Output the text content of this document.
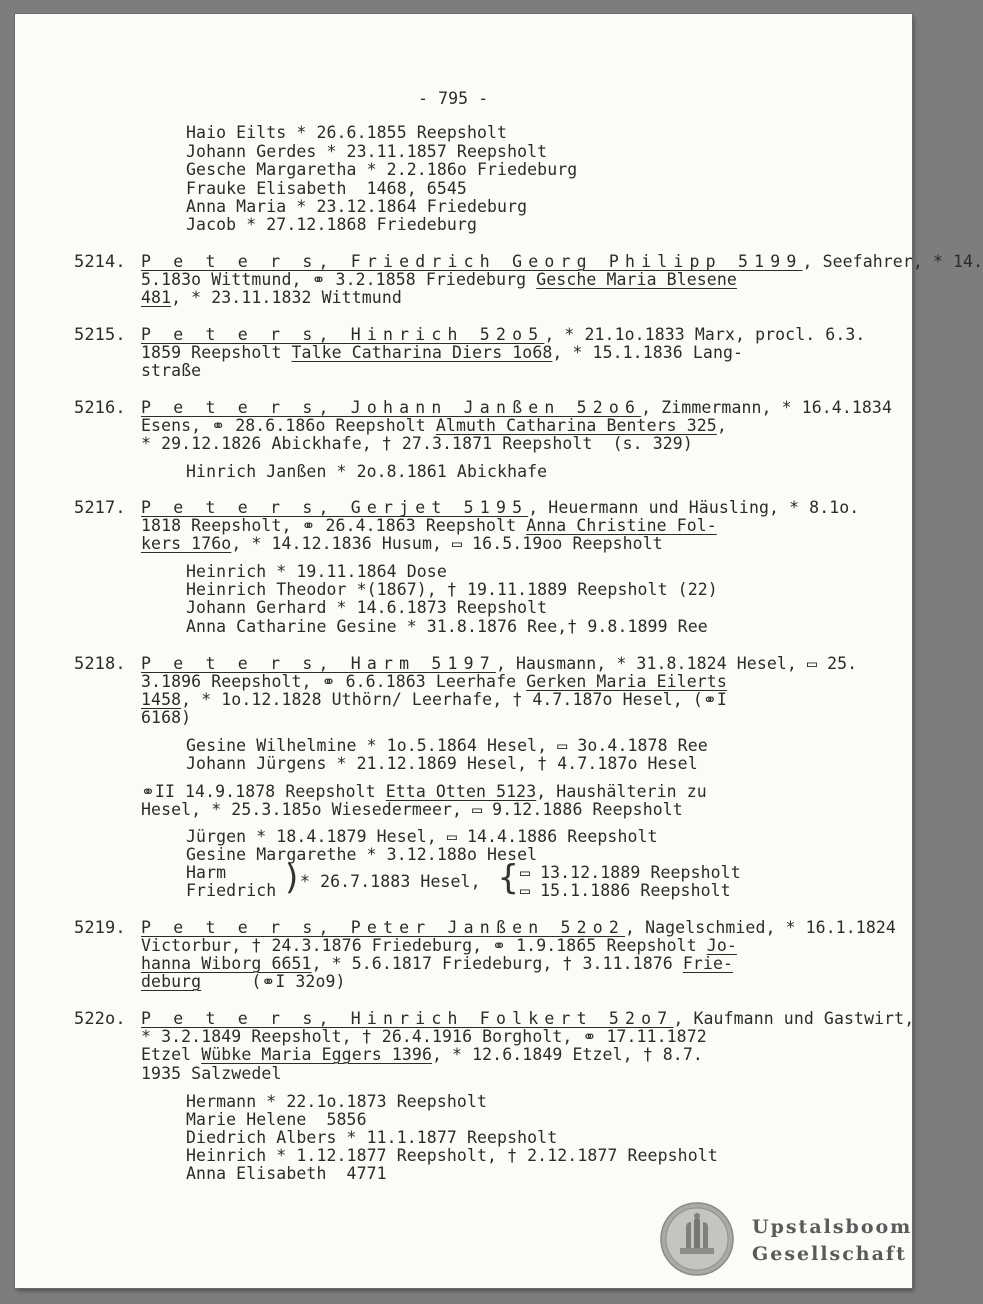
- 795 -
Haio Eilts * 26.6.1855 Reepsholt
Johann Gerdes * 23.11.1857 Reepsholt
Gesche Margaretha * 2.2.186o Friedeburg
Frauke Elisabeth  1468, 6545
Anna Maria * 23.12.1864 Friedeburg
Jacob * 27.12.1868 Friedeburg
5214. P e t e r s, Friedrich Georg Philipp 5199, Seefahrer, * 14.
5.183o Wittmund, ⚭ 3.2.1858 Friedeburg Gesche Maria Blesene
481, * 23.11.1832 Wittmund
5215. P e t e r s, Hinrich 52o5, * 21.1o.1833 Marx, procl. 6.3.
1859 Reepsholt Talke Catharina Diers 1o68, * 15.1.1836 Lang-
straße
5216. P e t e r s, Johann Janßen 52o6, Zimmermann, * 16.4.1834
Esens, ⚭ 28.6.186o Reepsholt Almuth Catharina Benters 325,
* 29.12.1826 Abickhafe, † 27.3.1871 Reepsholt  (s. 329)
Hinrich Janßen * 2o.8.1861 Abickhafe
5217. P e t e r s, Gerjet 5195, Heuermann und Häusling, * 8.1o.
1818 Reepsholt, ⚭ 26.4.1863 Reepsholt Anna Christine Fol-
kers 176o, * 14.12.1836 Husum, ▭ 16.5.19oo Reepsholt
Heinrich * 19.11.1864 Dose
Heinrich Theodor *(1867), † 19.11.1889 Reepsholt (22)
Johann Gerhard * 14.6.1873 Reepsholt
Anna Catharine Gesine * 31.8.1876 Ree,† 9.8.1899 Ree
5218. P e t e r s, Harm 5197, Hausmann, * 31.8.1824 Hesel, ▭ 25.
3.1896 Reepsholt, ⚭ 6.6.1863 Leerhafe Gerken Maria Eilerts
1458, * 1o.12.1828 Uthörn/ Leerhafe, † 4.7.187o Hesel, (⚭I
6168)
Gesine Wilhelmine * 1o.5.1864 Hesel, ▭ 3o.4.1878 Ree
Johann Jürgens * 21.12.1869 Hesel, † 4.7.187o Hesel
⚭II 14.9.1878 Reepsholt Etta Otten 5123, Haushälterin zu
Hesel, * 25.3.185o Wiesedermeer, ▭ 9.12.1886 Reepsholt
Jürgen * 18.4.1879 Hesel, ▭ 14.4.1886 Reepsholt
Gesine Margarethe * 3.12.188o Hesel
Harm
Friedrich )
* 26.7.1883 Hesel, { ▭ 13.12.1889 Reepsholt
▭ 15.1.1886 Reepsholt
5219. P e t e r s, Peter Janßen 52o2, Nagelschmied, * 16.1.1824
Victorbur, † 24.3.1876 Friedeburg, ⚭ 1.9.1865 Reepsholt Jo-
hanna Wiborg 6651, * 5.6.1817 Friedeburg, † 3.11.1876 Frie-
deburg     (⚭I 32o9)
522o. P e t e r s, Hinrich Folkert 52o7, Kaufmann und Gastwirt,
* 3.2.1849 Reepsholt, † 26.4.1916 Borgholt, ⚭ 17.11.1872
Etzel Wübke Maria Eggers 1396, * 12.6.1849 Etzel, † 8.7.
1935 Salzwedel
Hermann * 22.1o.1873 Reepsholt
Marie Helene  5856
Diedrich Albers * 11.1.1877 Reepsholt
Heinrich * 1.12.1877 Reepsholt, † 2.12.1877 Reepsholt
Anna Elisabeth  4771
Upstalsboom
Gesellschaft
